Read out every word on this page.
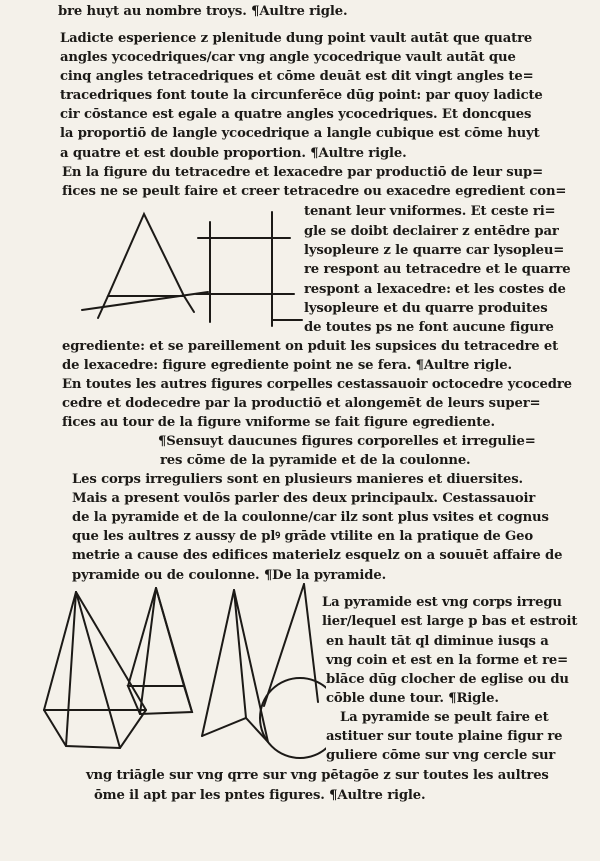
bre huyt au nombre troys. ¶Aultre rigle.
Ladicte esperience z plenitude dung point vault autāt que quatre
angles ycocedriques/car vng angle ycocedrique vault autāt que
cinq angles tetracedriques et cōme deuāt est dit vingt angles te=
tracedriques font toute la circunferēce dūg point: par quoy ladicte
cir cōstance est egale a quatre angles ycocedriques. Et doncques
la proportiō de langle ycocedrique a langle cubique est cōme huyt
a quatre et est double proportion. ¶Aultre rigle.
En la figure du tetracedre et lexacedre par productiō de leur sup=
fices ne se peult faire et creer tetracedre ou exacedre egredient con=
tenant leur vniformes. Et ceste ri=
gle se doibt declairer z entēdre par
lysopleure z le quarre car lysopleu=
re respont au tetracedre et le quarre
respont a lexacedre: et les costes de
lysopleure et du quarre produites
de toutes ps ne font aucune figure
egrediente: et se pareillement on pduit les supsices du tetracedre et
de lexacedre: figure egrediente point ne se fera. ¶Aultre rigle.
En toutes les autres figures corpelles cestassauoir octocedre ycocedre
cedre et dodecedre par la productiō et alongemēt de leurs super=
fices au tour de la figure vniforme se fait figure egrediente.
¶Sensuyt daucunes figures corporelles et irregulie=
res cōme de la pyramide et de la coulonne.
Les corps irreguliers sont en plusieurs manieres et diuersites.
Mais a present voulōs parler des deux principaulx. Cestassauoir
de la pyramide et de la coulonne/car ilz sont plus vsites et cognus
que les aultres z aussy de plꝰ grāde vtilite en la pratique de Geo
metrie a cause des edifices materielz esquelz on a souuēt affaire de
pyramide ou de coulonne. ¶De la pyramide.
La pyramide est vng corps irregu
lier/lequel est large p bas et estroit
en hault tāt ql diminue iusqs a
vng coin et est en la forme et re=
blāce dūg clocher de eglise ou du
cōble dune tour. ¶Rigle.
La pyramide se peult faire et
astituer sur toute plaine figur re
guliere cōme sur vng cercle sur
vng triāgle sur vng qrre sur vng pētagōe z sur toutes les aultres
ōme il apt par les pntes figures. ¶Aultre rigle.
